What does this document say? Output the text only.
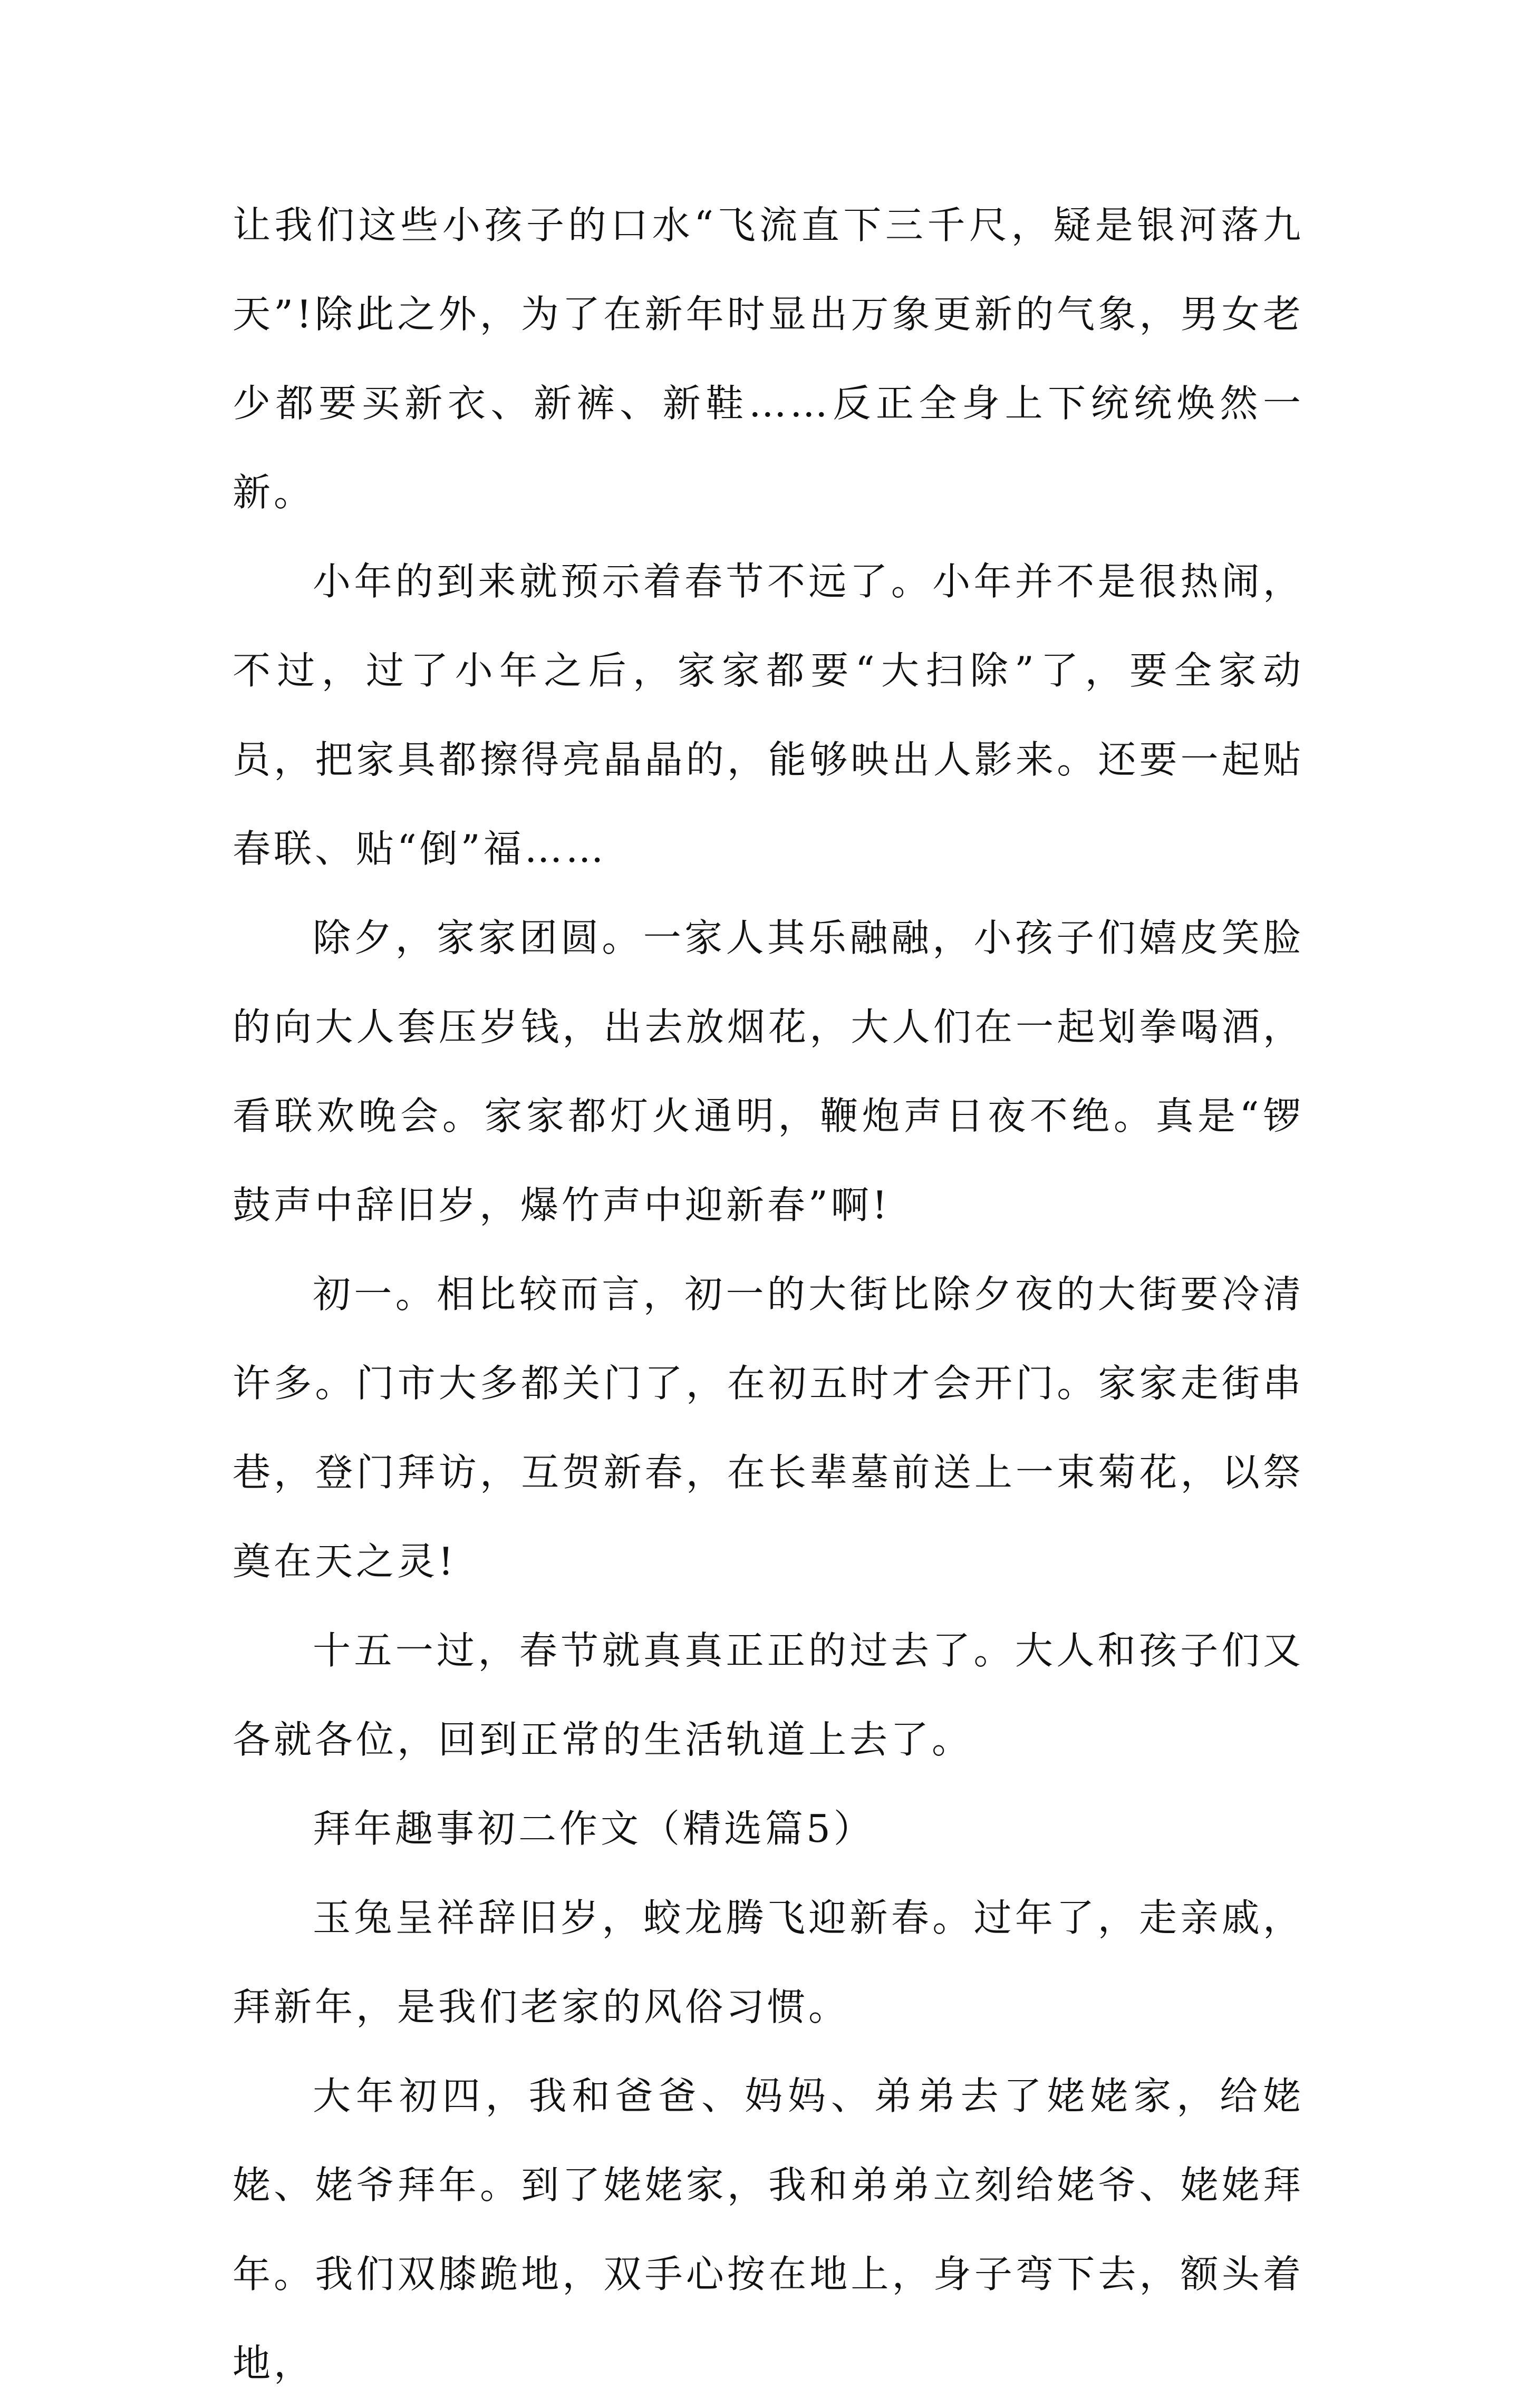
让我们这些小孩子的口水“飞流直下三千尺，疑是银河落九天”!除此之外，为了在新年时显出万象更新的气象，男女老少都要买新衣、新裤、新鞋……反正全身上下统统焕然一新。

小年的到来就预示着春节不远了。小年并不是很热闹，不过，过了小年之后，家家都要“大扫除”了，要全家动员，把家具都擦得亮晶晶的，能够映出人影来。还要一起贴春联、贴“倒”福……

除夕，家家团圆。一家人其乐融融，小孩子们嬉皮笑脸的向大人套压岁钱，出去放烟花，大人们在一起划拳喝酒，看联欢晚会。家家都灯火通明，鞭炮声日夜不绝。真是“锣鼓声中辞旧岁，爆竹声中迎新春”啊!

初一。相比较而言，初一的大街比除夕夜的大街要冷清许多。门市大多都关门了，在初五时才会开门。家家走街串巷，登门拜访，互贺新春，在长辈墓前送上一束菊花，以祭奠在天之灵!

十五一过，春节就真真正正的过去了。大人和孩子们又各就各位，回到正常的生活轨道上去了。

拜年趣事初二作文（精选篇5）

玉兔呈祥辞旧岁，蛟龙腾飞迎新春。过年了，走亲戚，拜新年，是我们老家的风俗习惯。

大年初四，我和爸爸、妈妈、弟弟去了姥姥家，给姥姥、姥爷拜年。到了姥姥家，我和弟弟立刻给姥爷、姥姥拜年。我们双膝跪地，双手心按在地上，身子弯下去，额头着地，
